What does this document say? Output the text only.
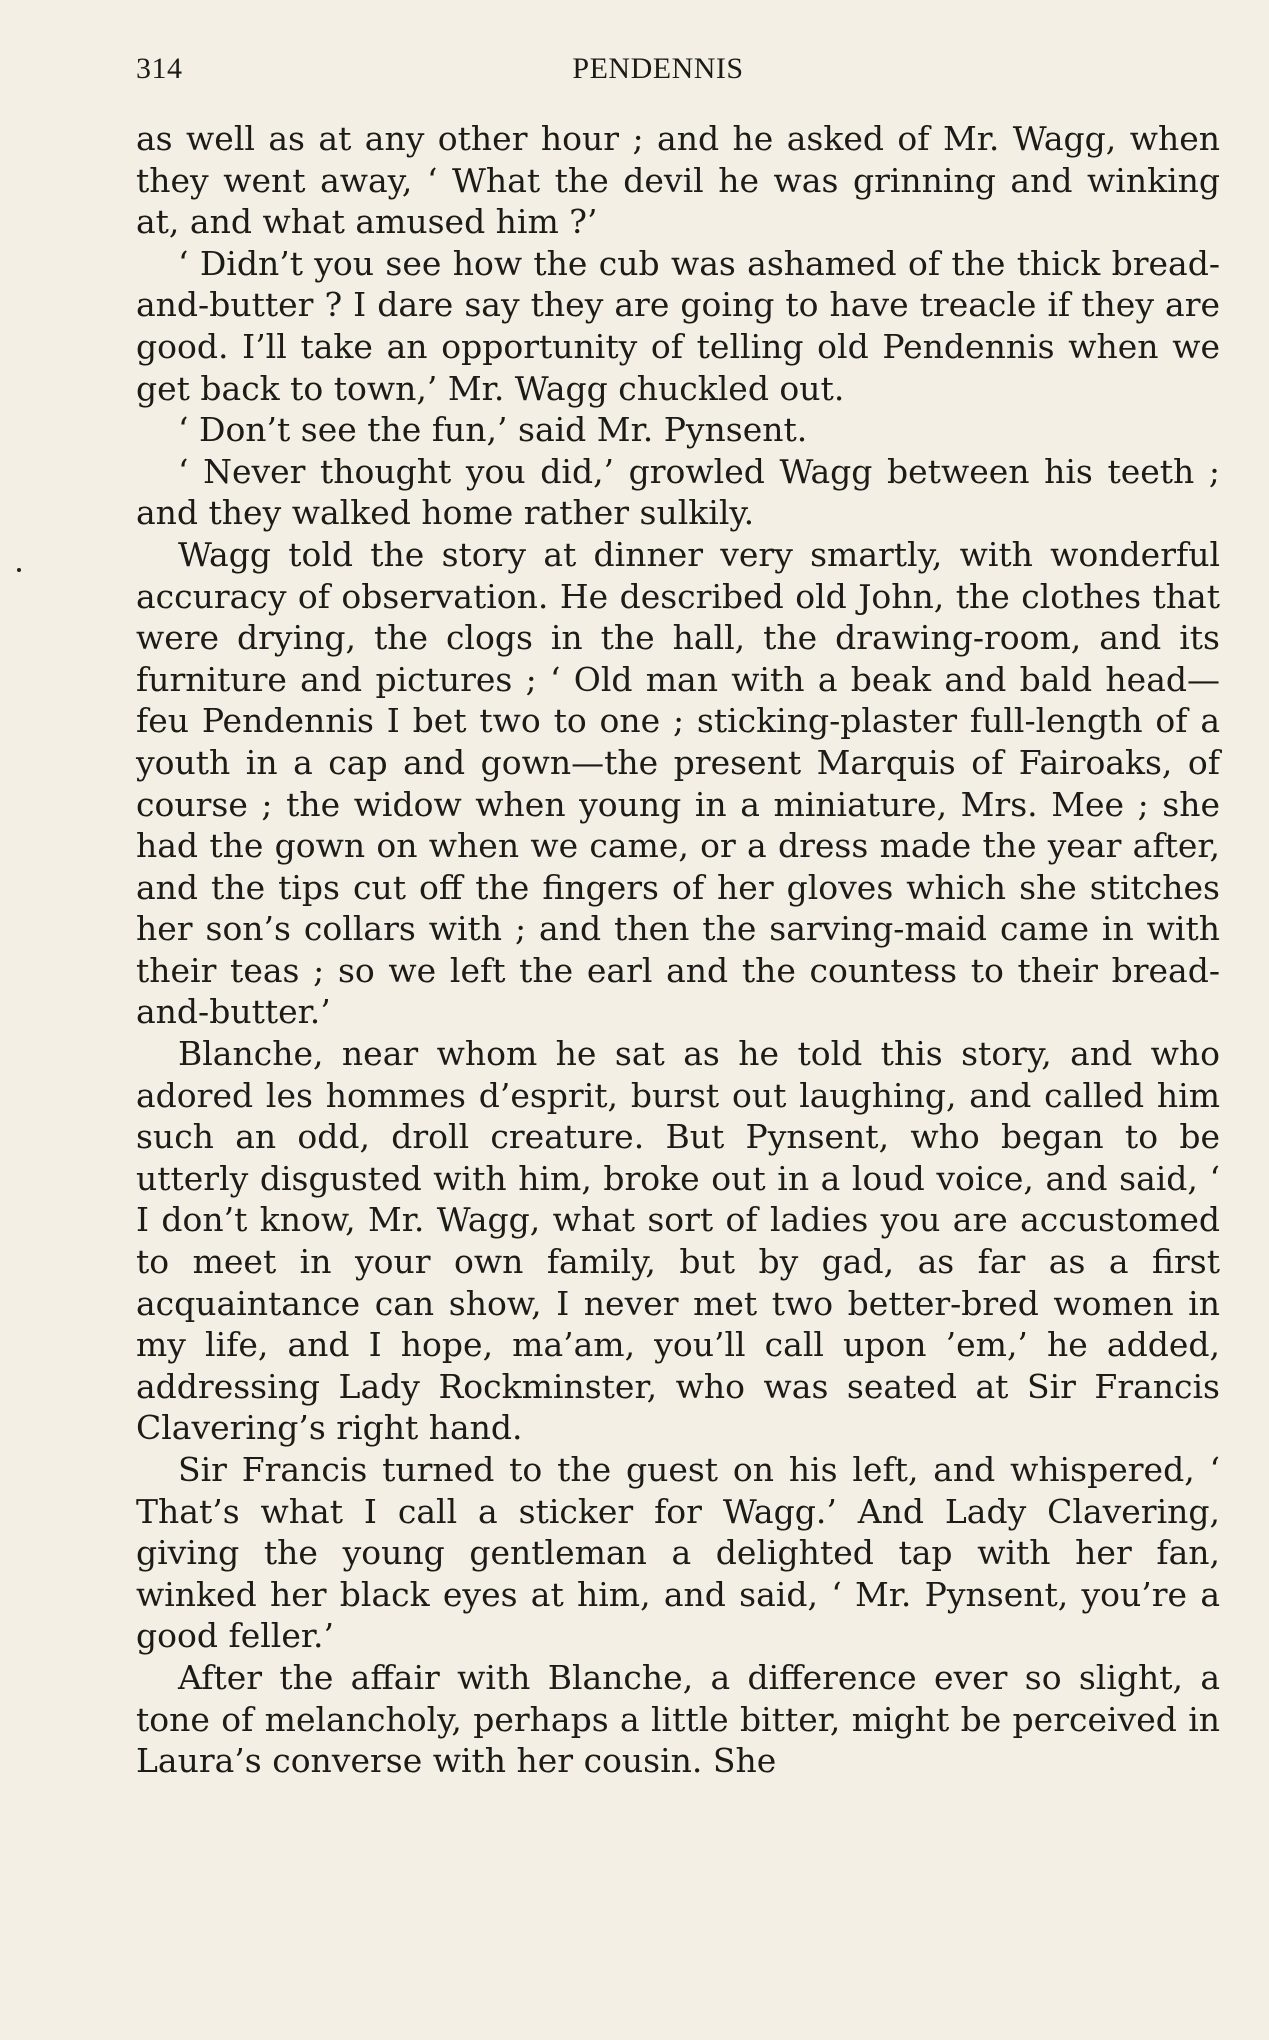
314	PENDENNIS

as well as at any other hour ; and he asked of Mr. Wagg, when they went away, ‘ What the devil he was grinning and winking at, and what amused him ?’

‘ Didn’t you see how the cub was ashamed of the thick bread-and-butter ? I dare say they are going to have treacle if they are good. I’ll take an opportunity of telling old Pendennis when we get back to town,’ Mr. Wagg chuckled out.

‘ Don’t see the fun,’ said Mr. Pynsent.

‘ Never thought you did,’ growled Wagg between his teeth ; and they walked home rather sulkily.

Wagg told the story at dinner very smartly, with wonderful accuracy of observation. He described old John, the clothes that were drying, the clogs in the hall, the drawing-room, and its furniture and pictures ; ‘ Old man with a beak and bald head—feu Pendennis I bet two to one ; sticking-plaster full-length of a youth in a cap and gown—the present Marquis of Fairoaks, of course ; the widow when young in a miniature, Mrs. Mee ; she had the gown on when we came, or a dress made the year after, and the tips cut off the fingers of her gloves which she stitches her son’s collars with ; and then the sarving-maid came in with their teas ; so we left the earl and the countess to their bread-and-butter.’

Blanche, near whom he sat as he told this story, and who adored les hommes d’esprit, burst out laughing, and called him such an odd, droll creature. But Pynsent, who began to be utterly disgusted with him, broke out in a loud voice, and said, ‘ I don’t know, Mr. Wagg, what sort of ladies you are accustomed to meet in your own family, but by gad, as far as a first acquaintance can show, I never met two better-bred women in my life, and I hope, ma’am, you’ll call upon ’em,’ he added, addressing Lady Rockminster, who was seated at Sir Francis Clavering’s right hand.

Sir Francis turned to the guest on his left, and whispered, ‘ That’s what I call a sticker for Wagg.’ And Lady Clavering, giving the young gentleman a delighted tap with her fan, winked her black eyes at him, and said, ‘ Mr. Pynsent, you’re a good feller.’

After the affair with Blanche, a difference ever so slight, a tone of melancholy, perhaps a little bitter, might be perceived in Laura’s converse with her cousin. She
